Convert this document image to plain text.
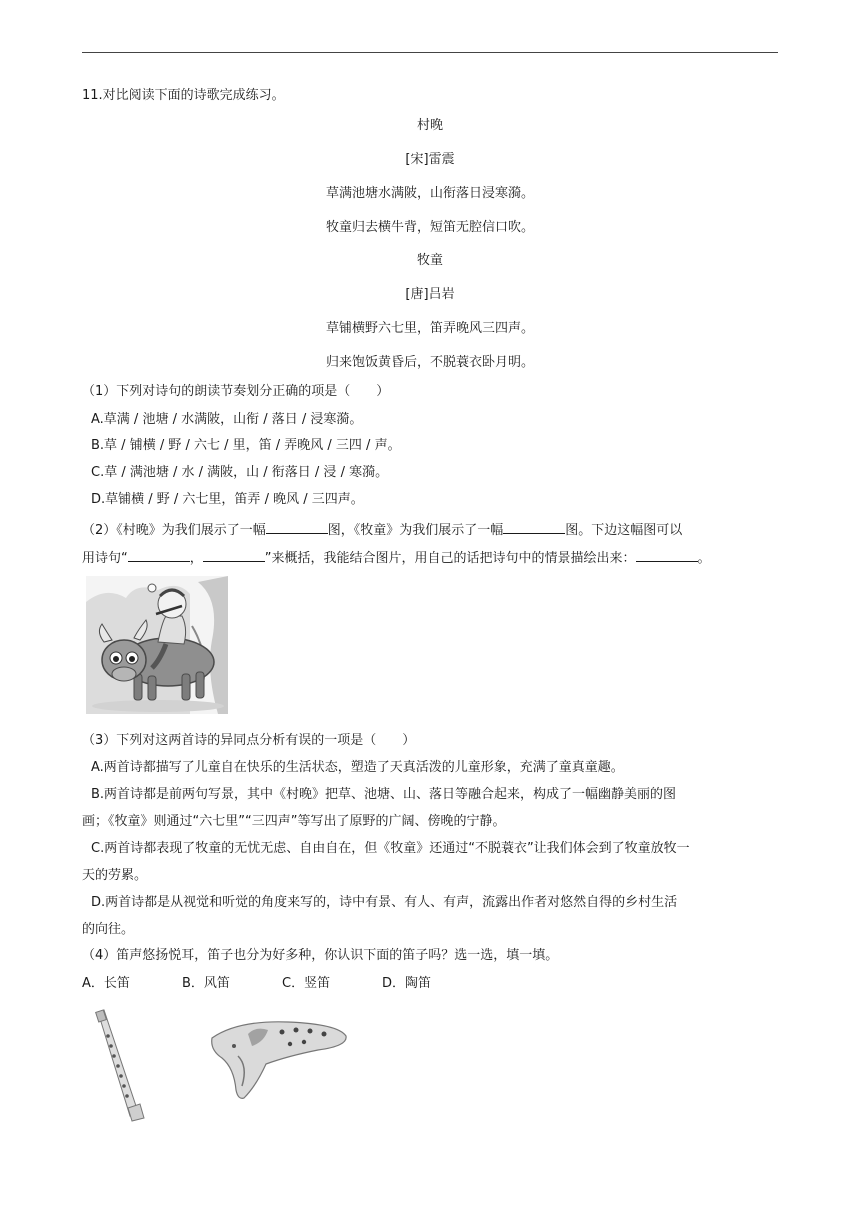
11.对比阅读下面的诗歌完成练习。
村晚
[宋]雷震
草满池塘水满陂，山衔落日浸寒漪。
牧童归去横牛背，短笛无腔信口吹。
牧童
[唐]吕岩
草铺横野六七里，笛弄晚风三四声。
归来饱饭黄昏后，不脱蓑衣卧月明。
（1）下列对诗句的朗读节奏划分正确的项是（　　）
A.草满 / 池塘 / 水满陂，山衔 / 落日 / 浸寒漪。
B.草 / 铺横 / 野 / 六七 / 里，笛 / 弄晚风 / 三四 / 声。
C.草 / 满池塘 / 水 / 满陂，山 / 衔落日 / 浸 / 寒漪。
D.草铺横 / 野 / 六七里，笛弄 / 晚风 / 三四声。
（2）《村晚》为我们展示了一幅	图，《牧童》为我们展示了一幅	图。下边这幅图可以
用诗句“	，	”来概括，我能结合图片，用自己的话把诗句中的情景描绘出来：	。
（3）下列对这两首诗的异同点分析有误的一项是（　　）
A.两首诗都描写了儿童自在快乐的生活状态，塑造了天真活泼的儿童形象，充满了童真童趣。
B.两首诗都是前两句写景，其中《村晚》把草、池塘、山、落日等融合起来，构成了一幅幽静美丽的图
画；《牧童》则通过“六七里”“三四声”等写出了原野的广阔、傍晚的宁静。
C.两首诗都表现了牧童的无忧无虑、自由自在，但《牧童》还通过“不脱蓑衣”让我们体会到了牧童放牧一
天的劳累。
D.两首诗都是从视觉和听觉的角度来写的，诗中有景、有人、有声，流露出作者对悠然自得的乡村生活
的向往。
（4）笛声悠扬悦耳，笛子也分为好多种，你认识下面的笛子吗？选一选，填一填。
A．长笛	B．风笛	C．竖笛	D．陶笛
